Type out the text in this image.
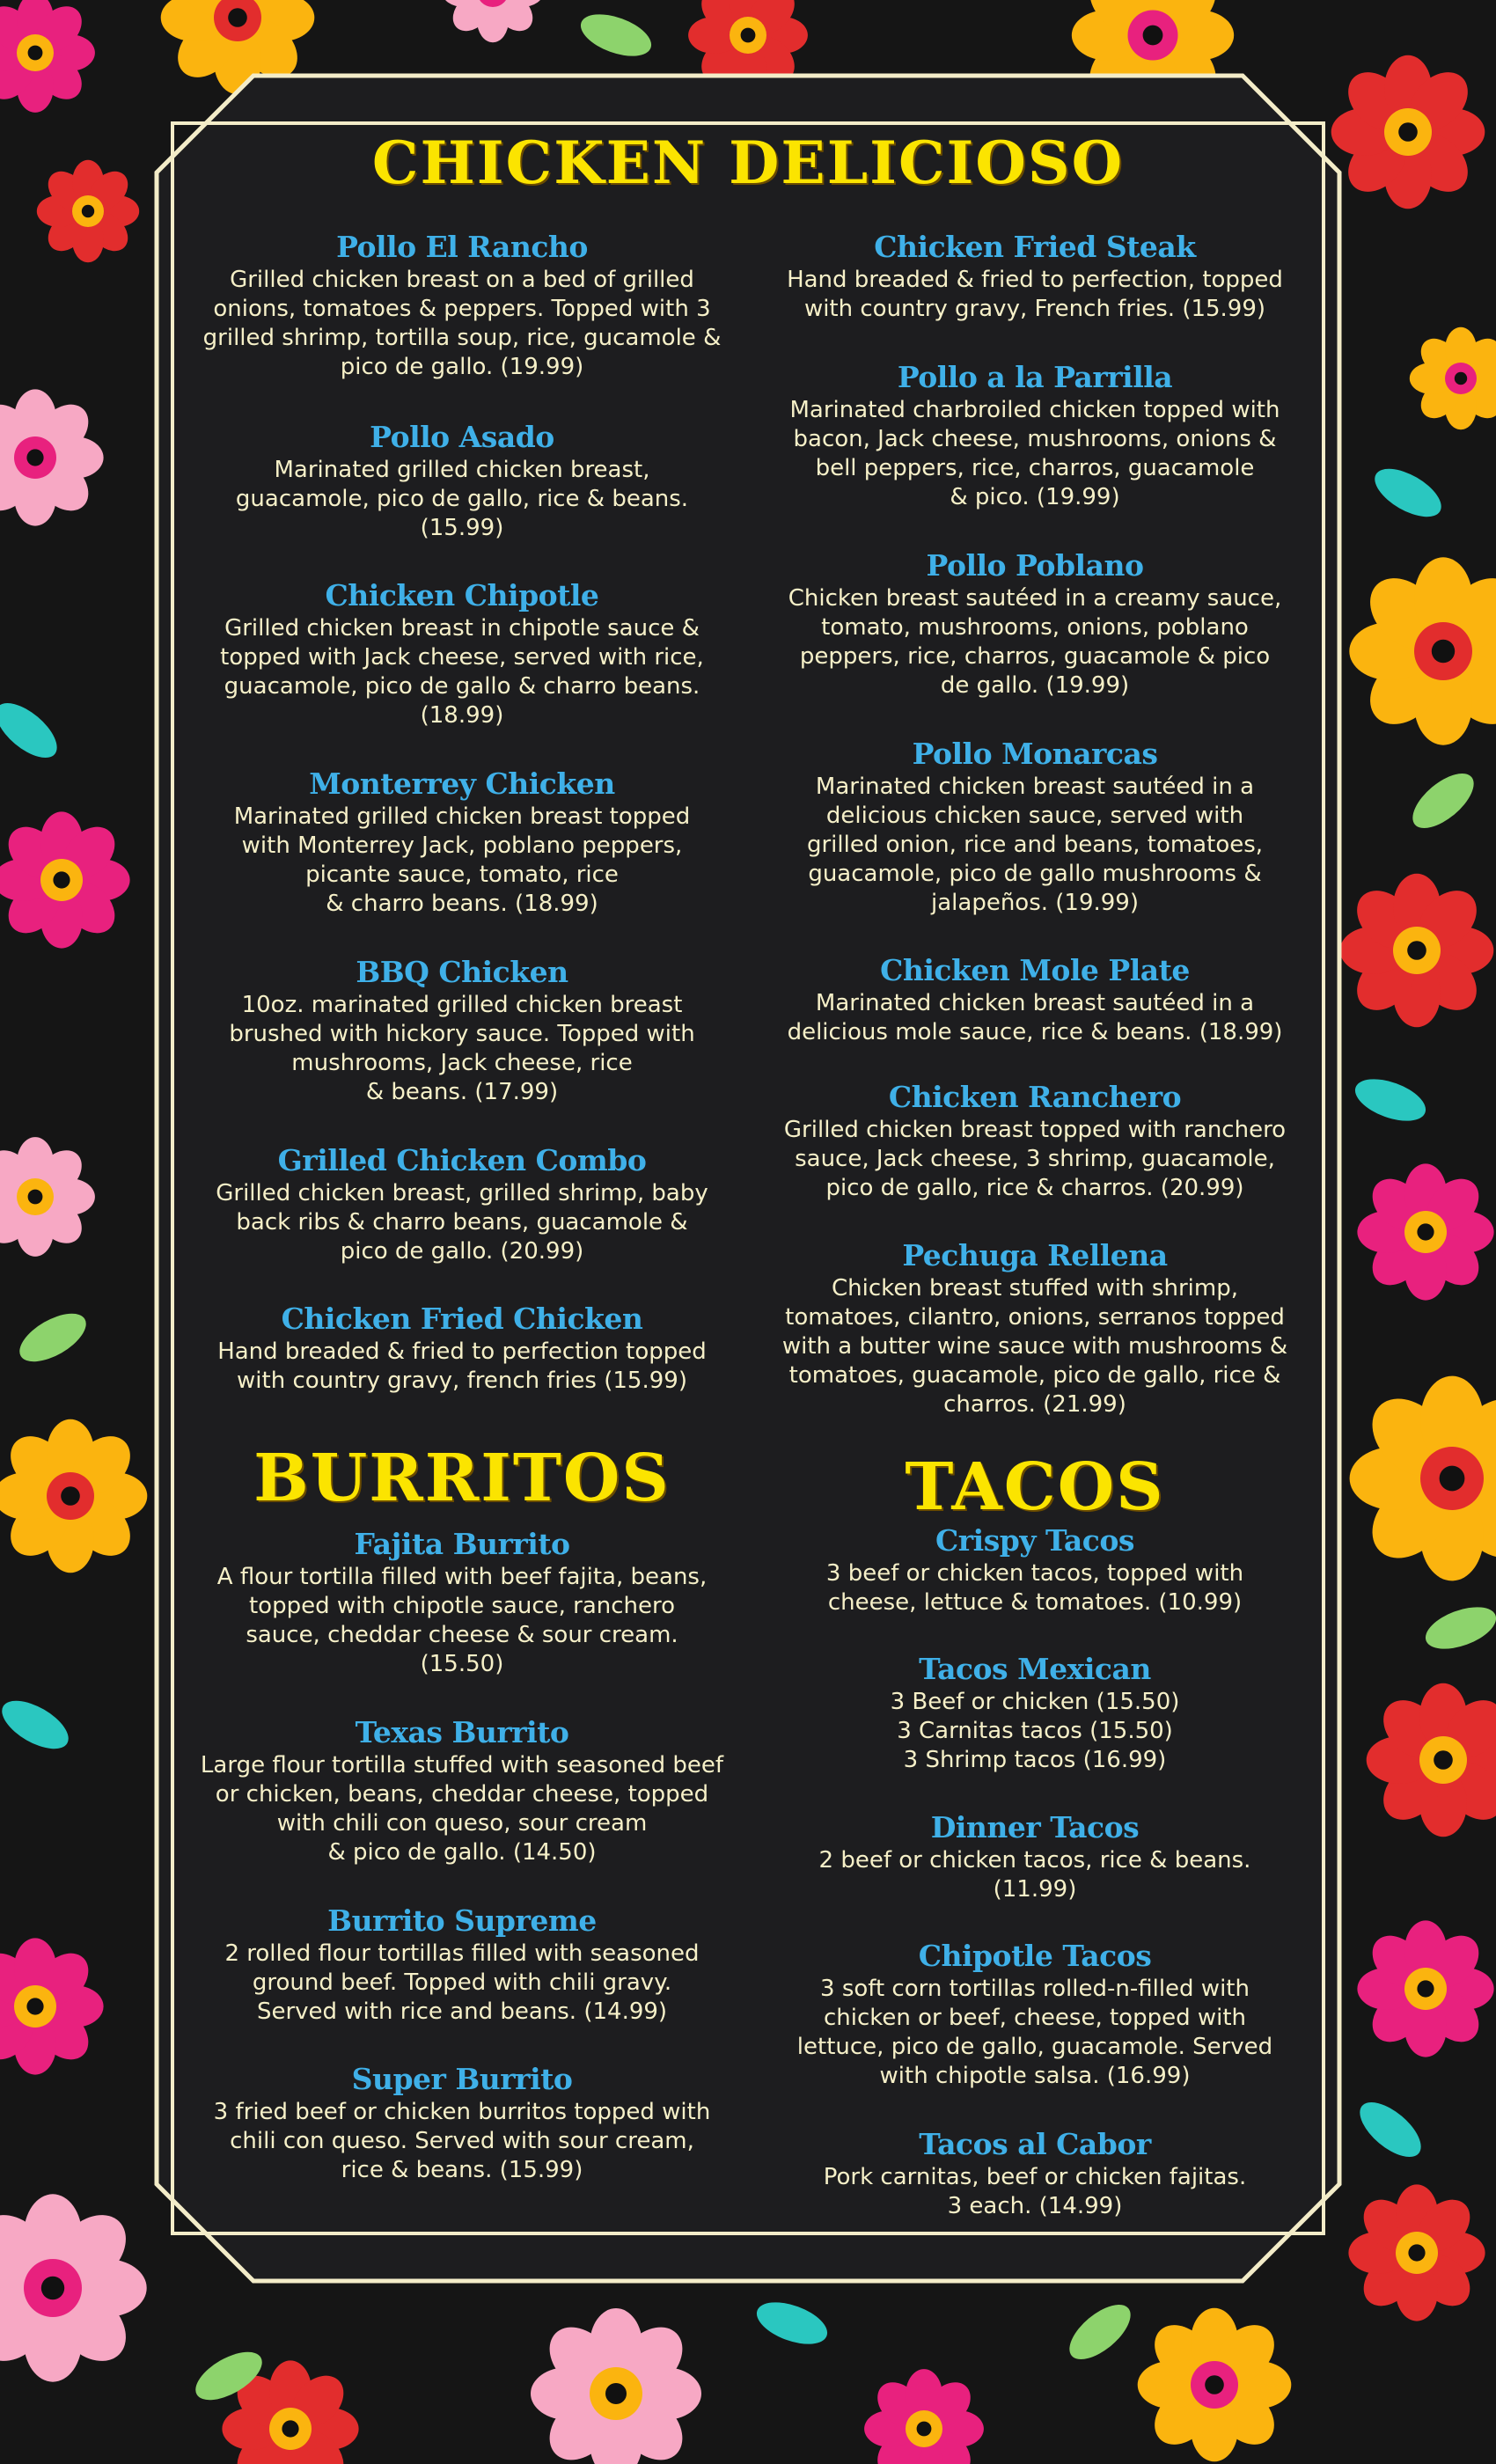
CHICKEN DELICIOSO
BURRITOS	TACOS
Pollo El Rancho
Grilled chicken breast on a bed of grilled
onions, tomatoes & peppers. Topped with 3
grilled shrimp, tortilla soup, rice, gucamole &
pico de gallo. (19.99)
Pollo Asado
Marinated grilled chicken breast,
guacamole, pico de gallo, rice & beans.
(15.99)
Chicken Chipotle
Grilled chicken breast in chipotle sauce &
topped with Jack cheese, served with rice,
guacamole, pico de gallo & charro beans.
(18.99)
Monterrey Chicken
Marinated grilled chicken breast topped
with Monterrey Jack, poblano peppers,
picante sauce, tomato, rice
& charro beans. (18.99)
BBQ Chicken
10oz. marinated grilled chicken breast
brushed with hickory sauce. Topped with
mushrooms, Jack cheese, rice
& beans. (17.99)
Grilled Chicken Combo
Grilled chicken breast, grilled shrimp, baby
back ribs & charro beans, guacamole &
pico de gallo. (20.99)
Chicken Fried Chicken
Hand breaded & fried to perfection topped
with country gravy, french fries (15.99)
Chicken Fried Steak
Hand breaded & fried to perfection, topped
with country gravy, French fries. (15.99)
Pollo a la Parrilla
Marinated charbroiled chicken topped with
bacon, Jack cheese, mushrooms, onions &
bell peppers, rice, charros, guacamole
& pico. (19.99)
Pollo Poblano
Chicken breast sautéed in a creamy sauce,
tomato, mushrooms, onions, poblano
peppers, rice, charros, guacamole & pico
de gallo. (19.99)
Pollo Monarcas
Marinated chicken breast sautéed in a
delicious chicken sauce, served with
grilled onion, rice and beans, tomatoes,
guacamole, pico de gallo mushrooms &
jalapeños. (19.99)
Chicken Mole Plate
Marinated chicken breast sautéed in a
delicious mole sauce, rice & beans. (18.99)
Chicken Ranchero
Grilled chicken breast topped with ranchero
sauce, Jack cheese, 3 shrimp, guacamole,
pico de gallo, rice & charros. (20.99)
Pechuga Rellena
Chicken breast stuffed with shrimp,
tomatoes, cilantro, onions, serranos topped
with a butter wine sauce with mushrooms &
tomatoes, guacamole, pico de gallo, rice &
charros. (21.99)
Fajita Burrito
A flour tortilla filled with beef fajita, beans,
topped with chipotle sauce, ranchero
sauce, cheddar cheese & sour cream.
(15.50)
Texas Burrito
Large flour tortilla stuffed with seasoned beef
or chicken, beans, cheddar cheese, topped
with chili con queso, sour cream
& pico de gallo. (14.50)
Burrito Supreme
2 rolled flour tortillas filled with seasoned
ground beef. Topped with chili gravy.
Served with rice and beans. (14.99)
Super Burrito
3 fried beef or chicken burritos topped with
chili con queso. Served with sour cream,
rice & beans. (15.99)
Crispy Tacos
3 beef or chicken tacos, topped with
cheese, lettuce & tomatoes. (10.99)
Tacos Mexican
3 Beef or chicken (15.50)
3 Carnitas tacos (15.50)
3 Shrimp tacos (16.99)
Dinner Tacos
2 beef or chicken tacos, rice & beans.
(11.99)
Chipotle Tacos
3 soft corn tortillas rolled-n-filled with
chicken or beef, cheese, topped with
lettuce, pico de gallo, guacamole. Served
with chipotle salsa. (16.99)
Tacos al Cabor
Pork carnitas, beef or chicken fajitas.
3 each. (14.99)
